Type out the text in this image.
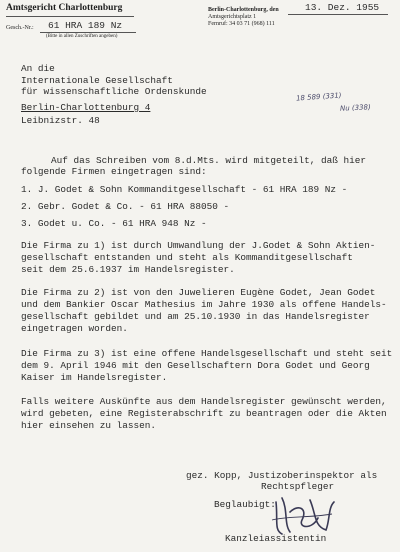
Amtsgericht Charlottenburg
Gesch.-Nr.: 61 HRA 189 Nz
(Bitte in allen Zuschriften angeben)
Berlin-Charlottenburg, den	13. Dez. 1955
Amtsgerichtsplatz 1
Fernruf: 34 03 71 (968) 111
An die
Internationale Gesellschaft
für wissenschaftliche Ordenskunde
Berlin-Charlottenburg 4
Leibnizstr. 48
18 589 (331)
Nu (338)
Auf das Schreiben vom 8.d.Mts. wird mitgeteilt, daß hier
folgende Firmen eingetragen sind:
1. J. Godet & Sohn Kommanditgesellschaft - 61 HRA 189 Nz -
2. Gebr. Godet & Co. - 61 HRA 88050 -
3. Godet u. Co. - 61 HRA 948 Nz -
Die Firma zu 1) ist durch Umwandlung der J.Godet & Sohn Aktien-
gesellschaft entstanden und steht als Kommanditgesellschaft
seit dem 25.6.1937 im Handelsregister.
Die Firma zu 2) ist von den Juwelieren Eugène Godet, Jean Godet
und dem Bankier Oscar Mathesius im Jahre 1930 als offene Handels-
gesellschaft gebildet und am 25.10.1930 in das Handelsregister
eingetragen worden.
Die Firma zu 3) ist eine offene Handelsgesellschaft und steht seit
dem 9. April 1946 mit den Gesellschaftern Dora Godet und Georg
Kaiser im Handelsregister.
Falls weitere Auskünfte aus dem Handelsregister gewünscht werden,
wird gebeten, eine Registerabschrift zu beantragen oder die Akten
hier einsehen zu lassen.
gez. Kopp, Justizoberinspektor als
Rechtspfleger
Beglaubigt:
Kanzleiassistentin
